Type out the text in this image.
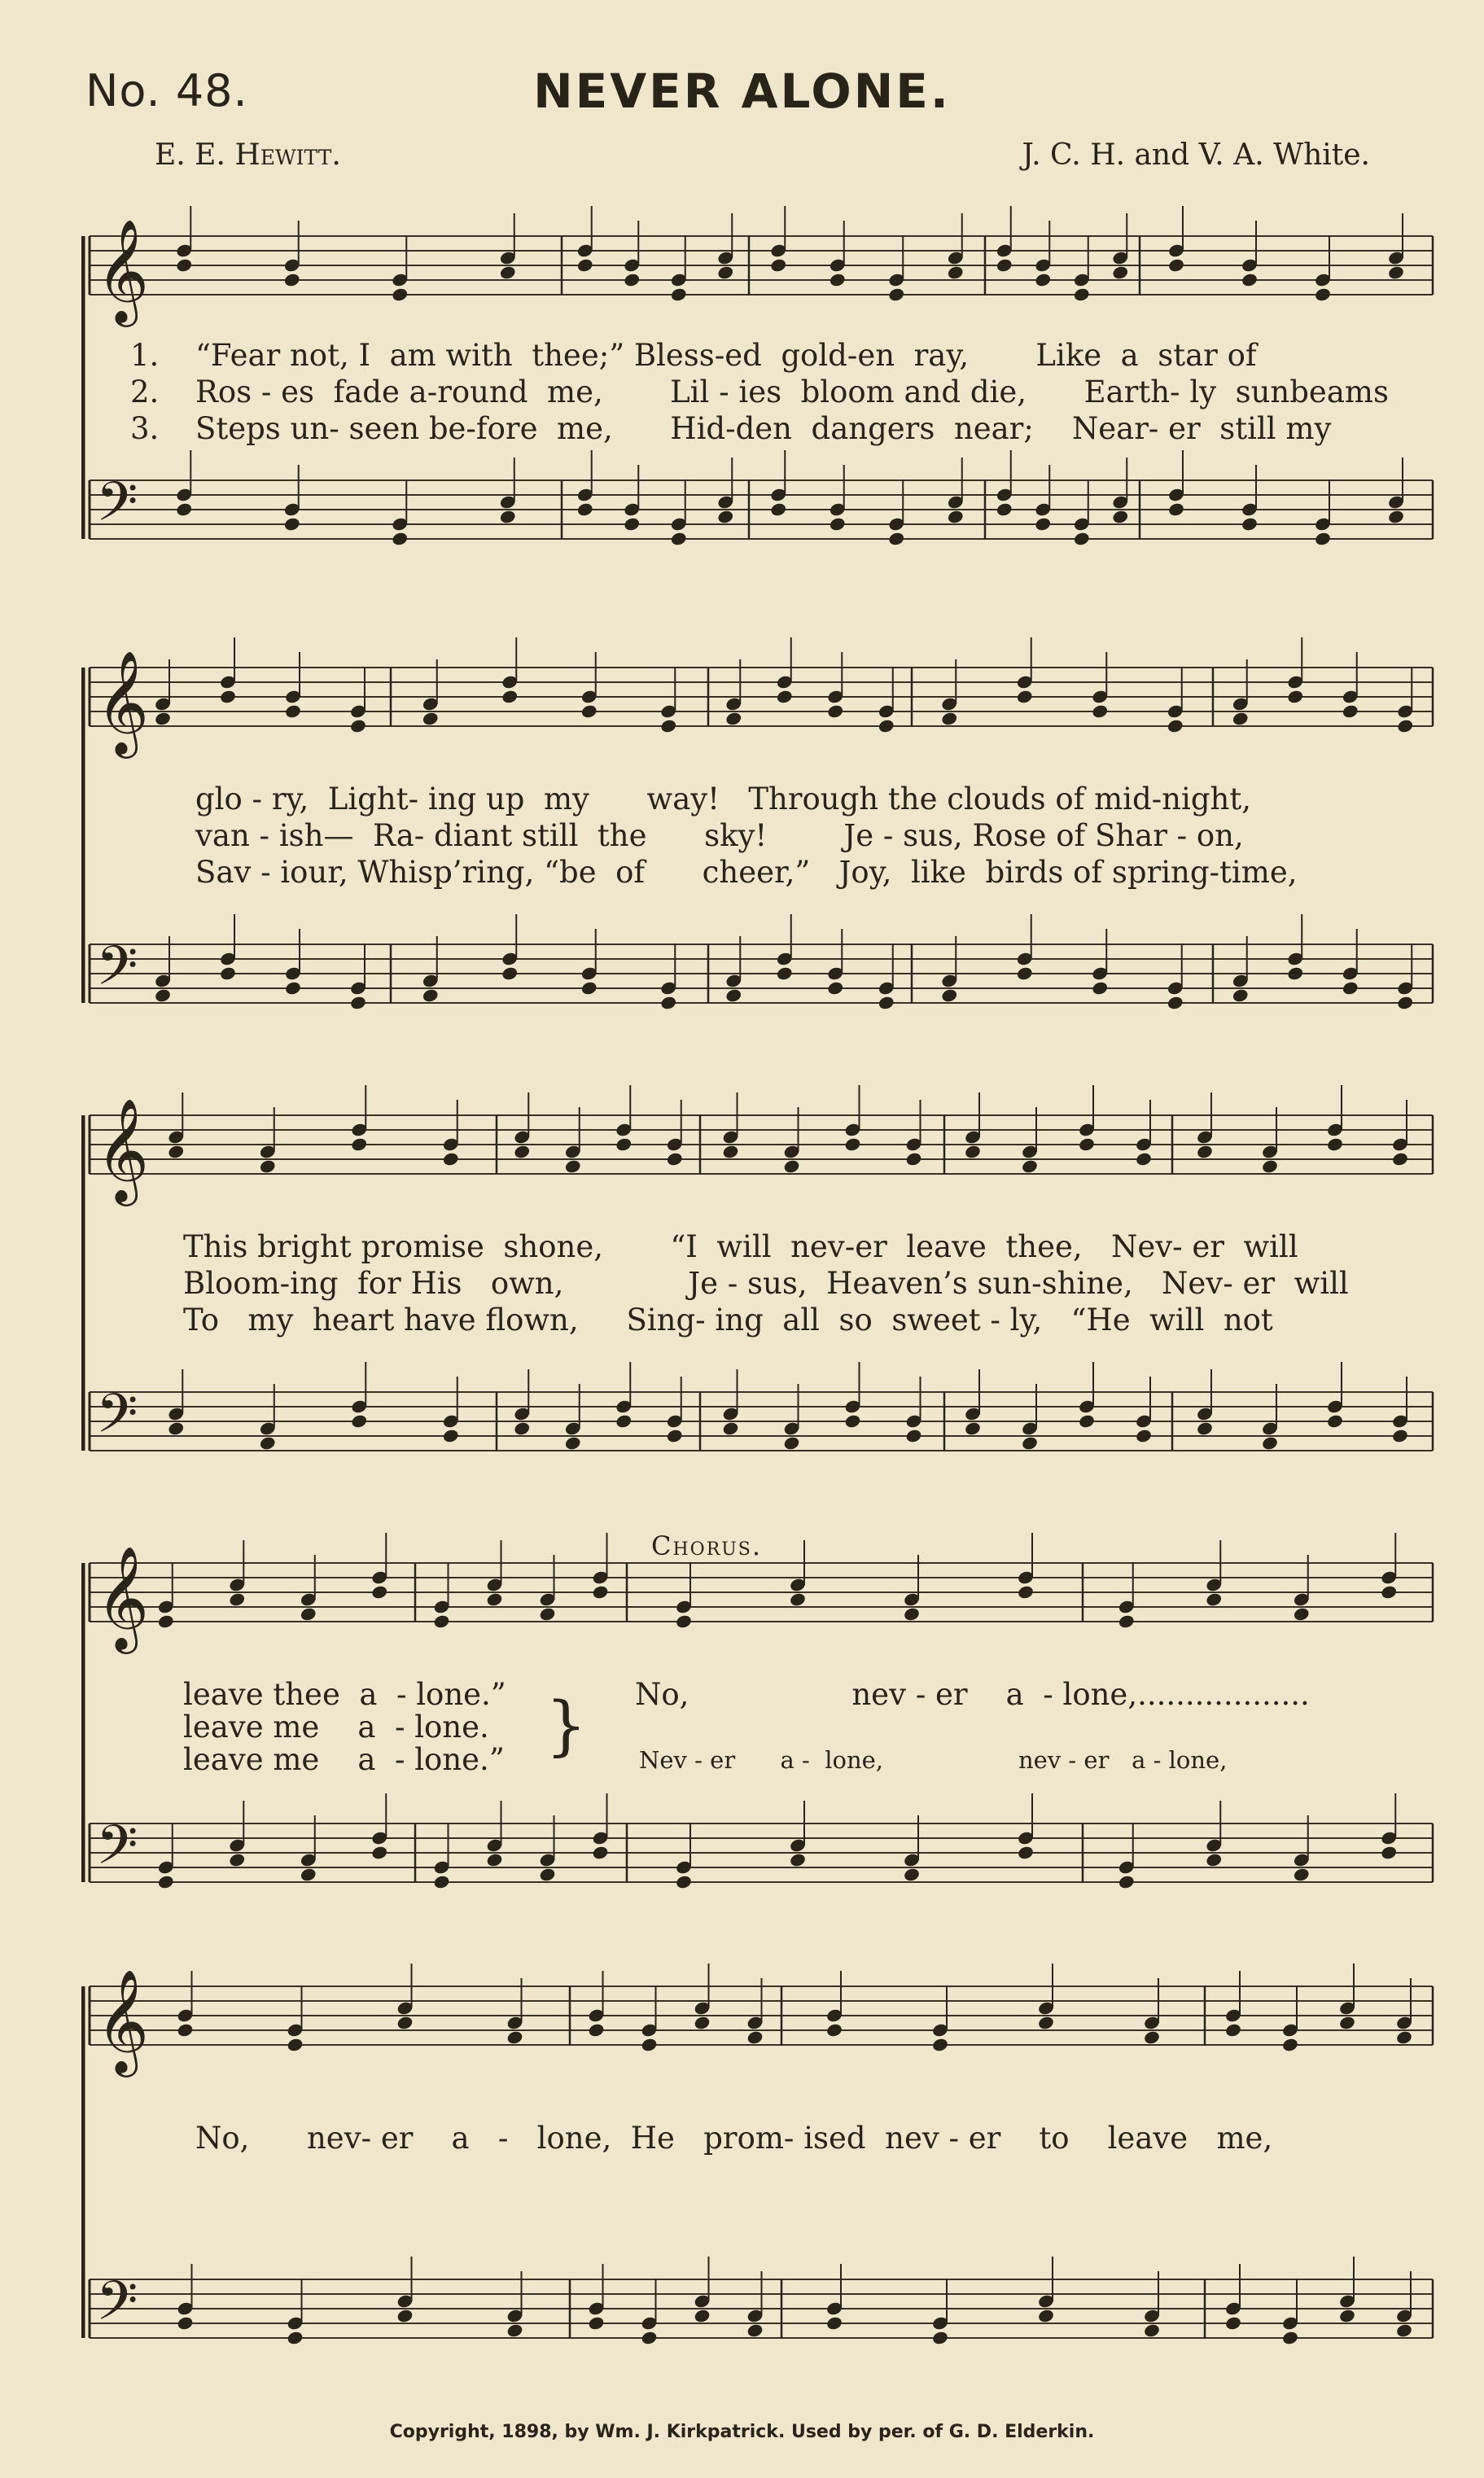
No. 48.	NEVER ALONE.
E. E. Hewitt.	J. C. H. and V. A. White.
𝄞
𝄢
1. “Fear not, I  am with  thee;” Bless-ed  gold-en  ray,       Like  a  star of
2. Ros - es  fade a-round  me,       Lil - ies  bloom and die,      Earth- ly  sunbeams
3. Steps un- seen be-fore  me,      Hid-den  dangers  near;    Near- er  still my
𝄞
𝄢
glo - ry,  Light- ing up  my      way!   Through the clouds of mid-night,
van - ish—  Ra- diant still  the      sky!        Je - sus, Rose of Shar - on,
Sav - iour, Whisp’ring, “be  of      cheer,”   Joy,  like  birds of spring-time,
𝄞
𝄢
This bright promise  shone,       “I  will  nev-er  leave  thee,   Nev- er  will
Bloom-ing  for His   own,             Je - sus,  Heaven’s sun-shine,   Nev- er  will
To   my  heart have flown,     Sing- ing  all  so  sweet - ly,   “He  will  not
𝄞
𝄢
Chorus.
leave thee  a  - lone.”
leave me    a  - lone.
leave me    a  - lone.” } No,                 nev - er    a  - lone,..................
Nev - er      a -  lone,                  nev - er   a - lone,
𝄞
𝄢
No,      nev- er    a   -   lone,  He   prom- ised  nev - er    to    leave   me,
Copyright, 1898, by Wm. J. Kirkpatrick. Used by per. of G. D. Elderkin.
